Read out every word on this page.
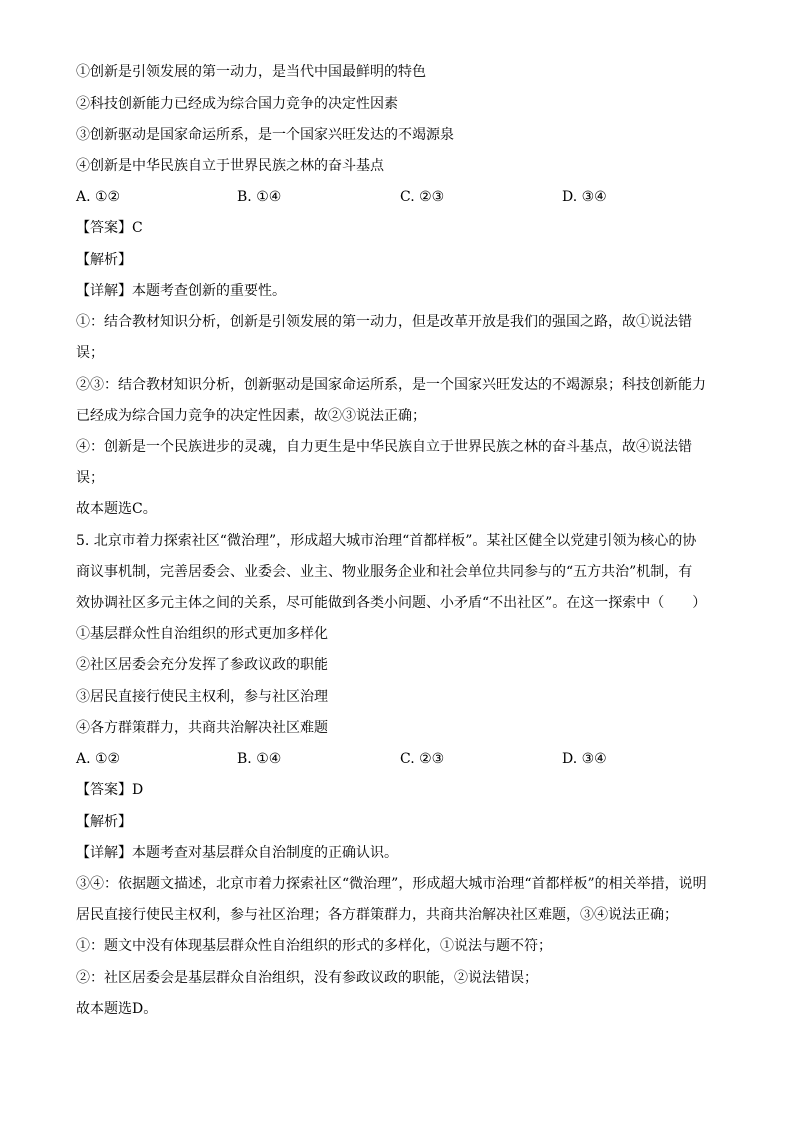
①创新是引领发展的第一动力，是当代中国最鲜明的特色
②科技创新能力已经成为综合国力竞争的决定性因素
③创新驱动是国家命运所系，是一个国家兴旺发达的不竭源泉
④创新是中华民族自立于世界民族之林的奋斗基点
A. ①②	B. ①④	C. ②③	D. ③④
【答案】C
【解析】
【详解】本题考查创新的重要性。
①：结合教材知识分析，创新是引领发展的第一动力，但是改革开放是我们的强国之路，故①说法错
误；
②③：结合教材知识分析，创新驱动是国家命运所系，是一个国家兴旺发达的不竭源泉；科技创新能力
已经成为综合国力竞争的决定性因素，故②③说法正确；
④：创新是一个民族进步的灵魂，自力更生是中华民族自立于世界民族之林的奋斗基点，故④说法错
误；
故本题选C。
5. 北京市着力探索社区“微治理”，形成超大城市治理“首都样板”。某社区健全以党建引领为核心的协
商议事机制，完善居委会、业委会、业主、物业服务企业和社会单位共同参与的“五方共治”机制，有
效协调社区多元主体之间的关系，尽可能做到各类小问题、小矛盾“不出社区”。在这一探索中（　　）
①基层群众性自治组织的形式更加多样化
②社区居委会充分发挥了参政议政的职能
③居民直接行使民主权利，参与社区治理
④各方群策群力，共商共治解决社区难题
A. ①②	B. ①④	C. ②③	D. ③④
【答案】D
【解析】
【详解】本题考查对基层群众自治制度的正确认识。
③④：依据题文描述，北京市着力探索社区“微治理”，形成超大城市治理“首都样板”的相关举措，说明
居民直接行使民主权利，参与社区治理；各方群策群力，共商共治解决社区难题，③④说法正确；
①：题文中没有体现基层群众性自治组织的形式的多样化，①说法与题不符；
②：社区居委会是基层群众自治组织，没有参政议政的职能，②说法错误；
故本题选D。
